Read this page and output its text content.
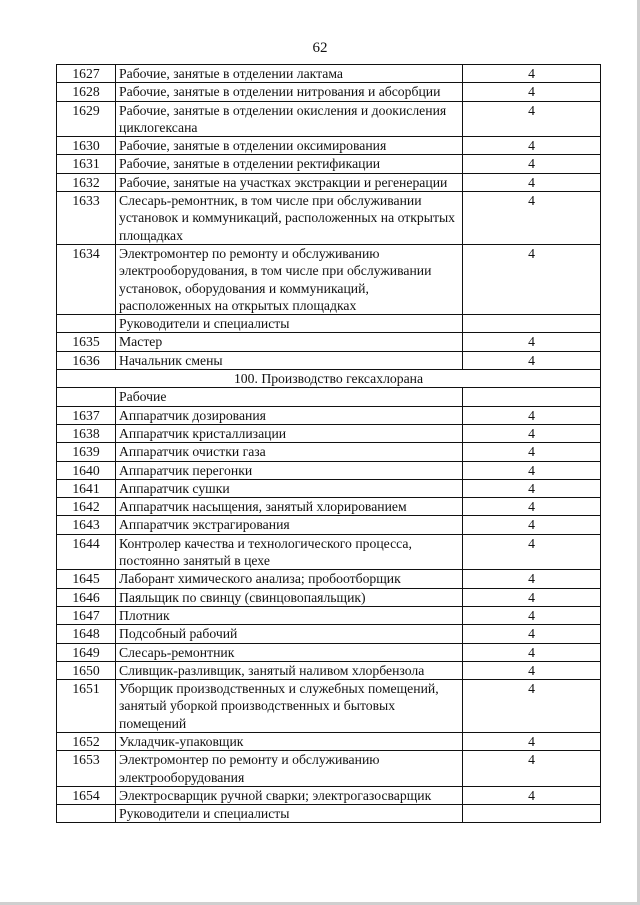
62
1627	Рабочие, занятые в отделении лактама	4
1628	Рабочие, занятые в отделении нитрования и абсорбции	4
1629	Рабочие, занятые в отделении окисления и доокисления циклогексана	4
1630	Рабочие, занятые в отделении оксимирования	4
1631	Рабочие, занятые в отделении ректификации	4
1632	Рабочие, занятые на участках экстракции и регенерации	4
1633	Слесарь-ремонтник, в том числе при обслуживании установок и коммуникаций, расположенных на открытых площадках	4
1634	Электромонтер по ремонту и обслуживанию электрооборудования, в том числе при обслуживании установок, оборудования и коммуникаций, расположенных на открытых площадках	4
	Руководители и специалисты	
1635	Мастер	4
1636	Начальник смены	4
100. Производство гексахлорана		
	Рабочие	
1637	Аппаратчик дозирования	4
1638	Аппаратчик кристаллизации	4
1639	Аппаратчик очистки газа	4
1640	Аппаратчик перегонки	4
1641	Аппаратчик сушки	4
1642	Аппаратчик насыщения, занятый хлорированием	4
1643	Аппаратчик экстрагирования	4
1644	Контролер качества и технологического процесса, постоянно занятый в цехе	4
1645	Лаборант химического анализа; пробоотборщик	4
1646	Паяльщик по свинцу (свинцовопаяльщик)	4
1647	Плотник	4
1648	Подсобный рабочий	4
1649	Слесарь-ремонтник	4
1650	Сливщик-разливщик, занятый наливом хлорбензола	4
1651	Уборщик производственных и служебных помещений, занятый уборкой производственных и бытовых помещений	4
1652	Укладчик-упаковщик	4
1653	Электромонтер по ремонту и обслуживанию электрооборудования	4
1654	Электросварщик ручной сварки; электрогазосварщик	4
	Руководители и специалисты	
